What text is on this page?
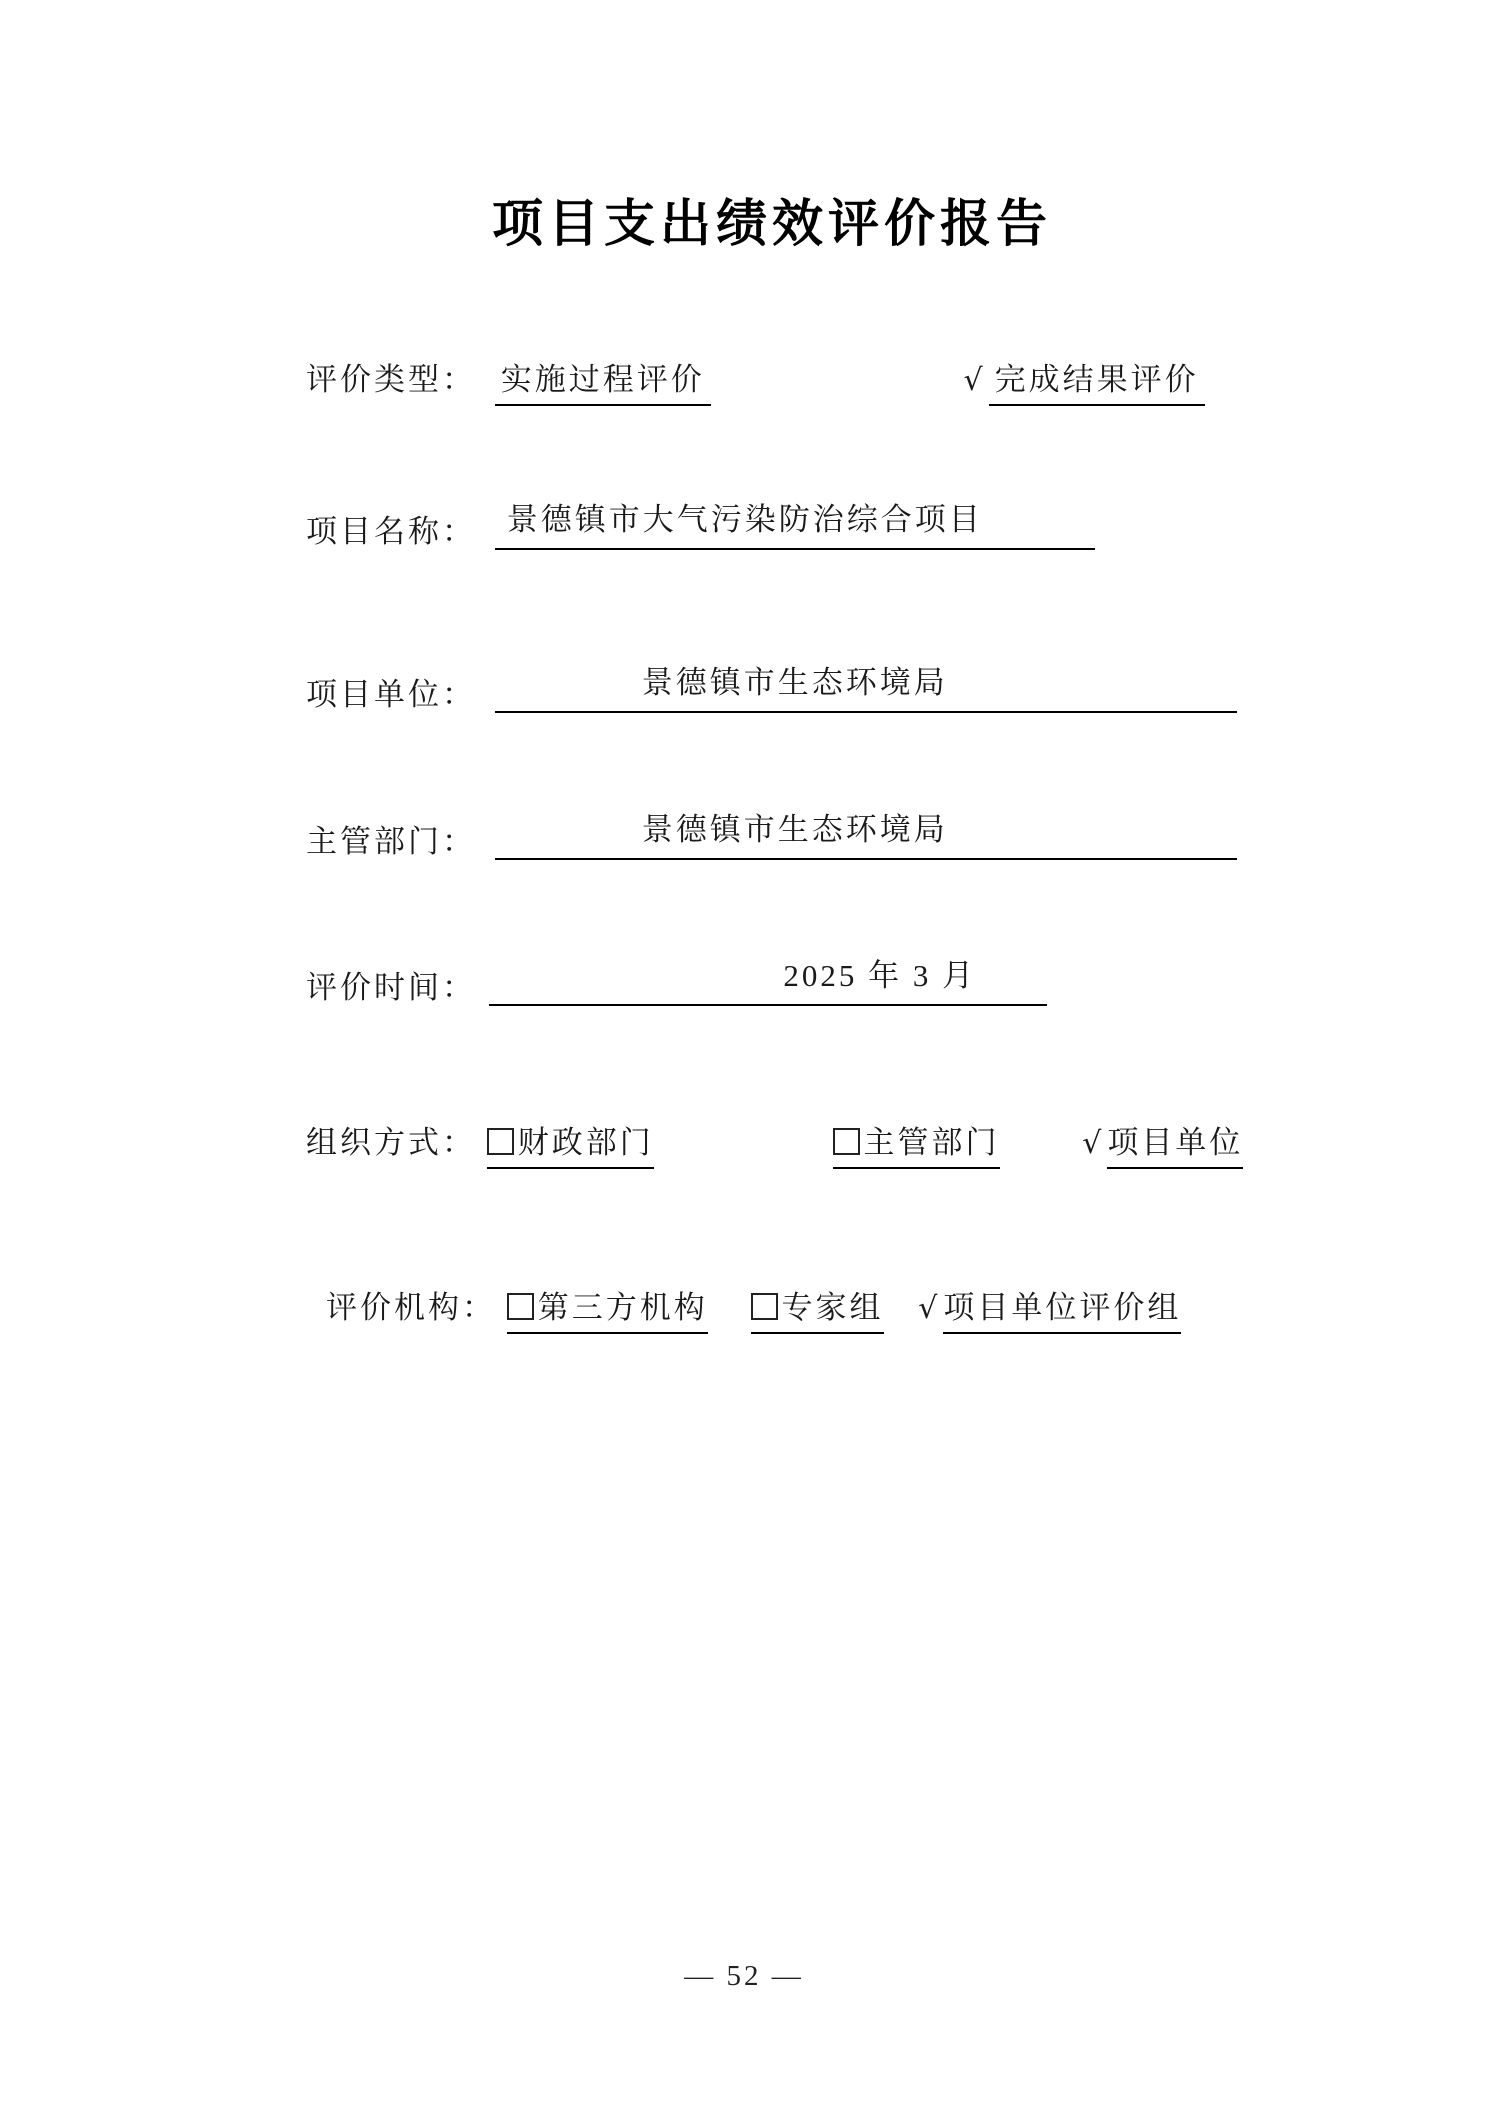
项目支出绩效评价报告
评价类型： 实施过程评价	√ 完成结果评价
项目名称： 景德镇市大气污染防治综合项目
项目单位：	景德镇市生态环境局
主管部门：	景德镇市生态环境局
评价时间：	2025 年 3 月
组织方式： 财政部门	主管部门	√ 项目单位
评价机构： 第三方机构 专家组 √ 项目单位评价组
— 52 —
